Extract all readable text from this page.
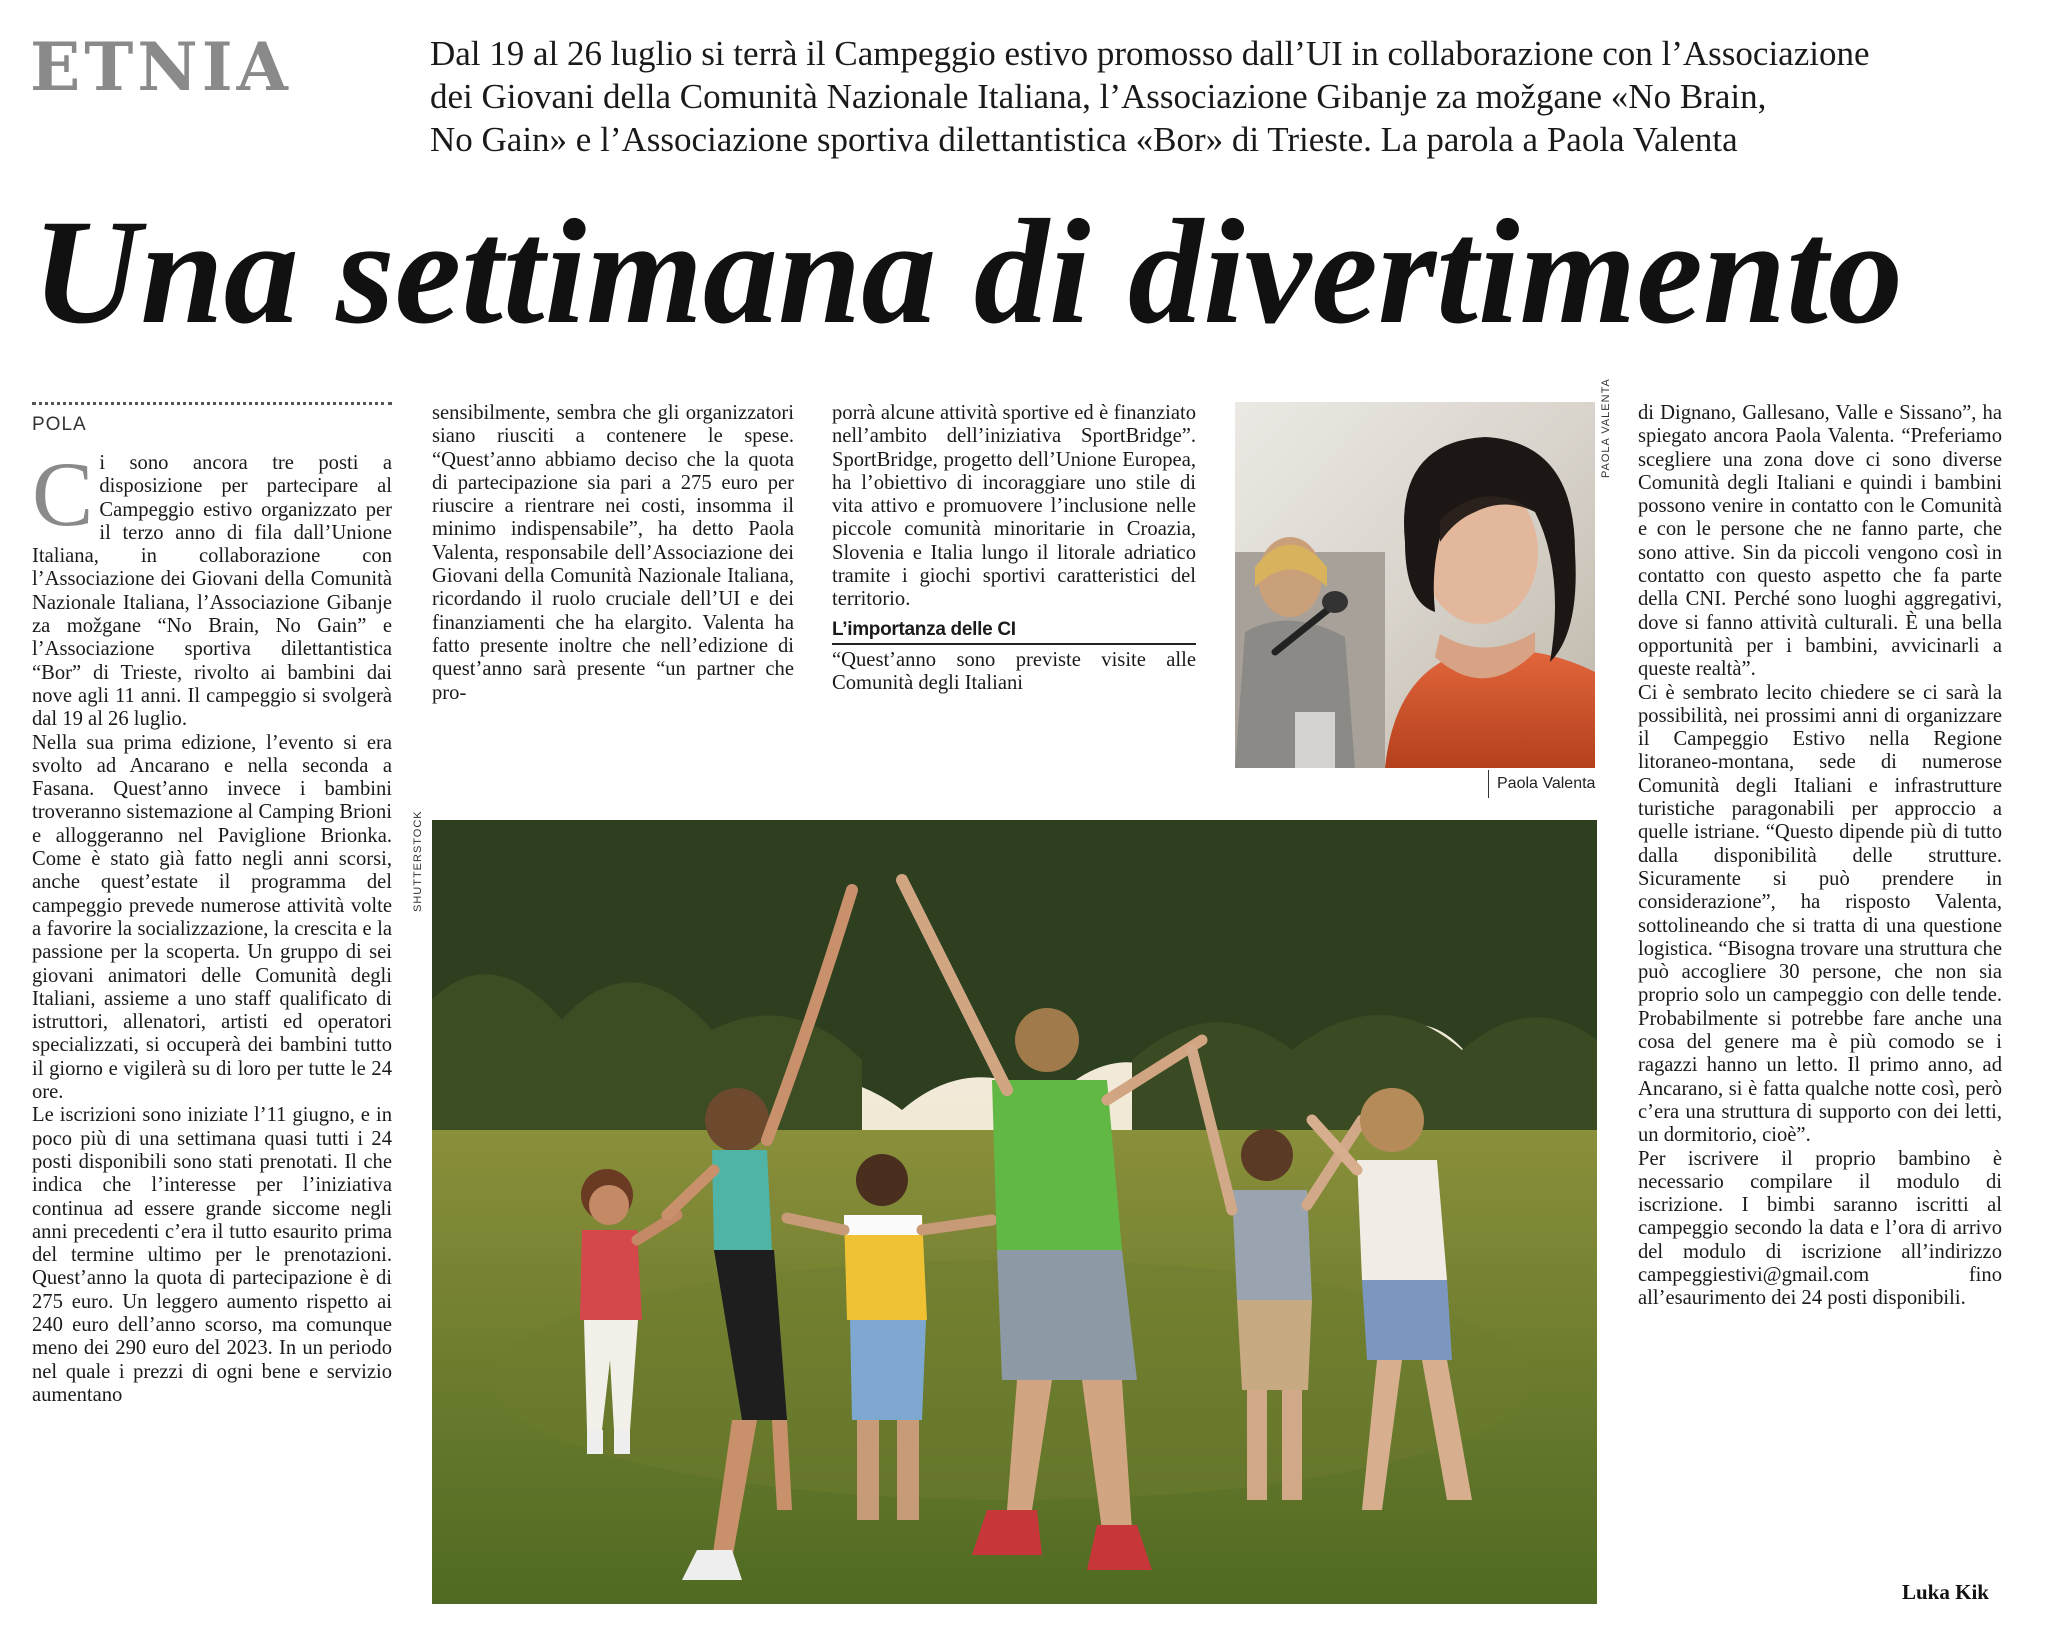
ETNIA	Dal 19 al 26 luglio si terrà il Campeggio estivo promosso dall’UI in collaborazione con l’Associazione
dei Giovani della Comunità Nazionale Italiana, l’Associazione Gibanje za možgane «No Brain,
No Gain» e l’Associazione sportiva dilettantistica «Bor» di Trieste. La parola a Paola Valenta
Una settimana di divertimento
POLA
C i sono ancora tre posti a disposizione per partecipare al Campeggio estivo organizzato per il terzo anno di fila dall’Unione Italiana, in collaborazione con l’Associazione dei Giovani della Comunità Nazionale Italiana, l’Associazione Gibanje za možgane “No Brain, No Gain” e l’Associazione sportiva dilettantistica “Bor” di Trieste, rivolto ai bambini dai nove agli 11 anni. Il campeggio si svolgerà dal 19 al 26 luglio.

Nella sua prima edizione, l’evento si era svolto ad Ancarano e nella seconda a Fasana. Quest’anno invece i bambini troveranno sistemazione al Camping Brioni e alloggeranno nel Paviglione Brionka. Come è stato già fatto negli anni scorsi, anche quest’estate il programma del campeggio prevede numerose attività volte a favorire la socializzazione, la crescita e la passione per la scoperta. Un gruppo di sei giovani animatori delle Comunità degli Italiani, assieme a uno staff qualificato di istruttori, allenatori, artisti ed operatori specializzati, si occuperà dei bambini tutto il giorno e vigilerà su di loro per tutte le 24 ore.

Le iscrizioni sono iniziate l’11 giugno, e in poco più di una settimana quasi tutti i 24 posti disponibili sono stati prenotati. Il che indica che l’interesse per l’iniziativa continua ad essere grande siccome negli anni precedenti c’era il tutto esaurito prima del termine ultimo per le prenotazioni. Quest’anno la quota di partecipazione è di 275 euro. Un leggero aumento rispetto ai 240 euro dell’anno scorso, ma comunque meno dei 290 euro del 2023. In un periodo nel quale i prezzi di ogni bene e servizio aumentano

sensibilmente, sembra che gli organizzatori siano riusciti a contenere le spese. “Quest’anno abbiamo deciso che la quota di partecipazione sia pari a 275 euro per riuscire a rientrare nei costi, insomma il minimo indispensabile”, ha detto Paola Valenta, responsabile dell’Associazione dei Giovani della Comunità Nazionale Italiana, ricordando il ruolo cruciale dell’UI e dei finanziamenti che ha elargito. Valenta ha fatto presente inoltre che nell’edizione di quest’anno sarà presente “un partner che pro-

porrà alcune attività sportive ed è finanziato nell’ambito dell’iniziativa SportBridge”. SportBridge, progetto dell’Unione Europea, ha l’obiettivo di incoraggiare uno stile di vita attivo e promuovere l’inclusione nelle piccole comunità minoritarie in Croazia, Slovenia e Italia lungo il litorale adriatico tramite i giochi sportivi caratteristici del territorio.

L’importanza delle CI

“Quest’anno sono previste visite alle Comunità degli Italiani

PAOLA VALENTA
Paola Valenta

di Dignano, Gallesano, Valle e Sissano”, ha spiegato ancora Paola Valenta. “Preferiamo scegliere una zona dove ci sono diverse Comunità degli Italiani e quindi i bambini possono venire in contatto con le Comunità e con le persone che ne fanno parte, che sono attive. Sin da piccoli vengono così in contatto con questo aspetto che fa parte della CNI. Perché sono luoghi aggregativi, dove si fanno attività culturali. È una bella opportunità per i bambini, avvicinarli a queste realtà”.

Ci è sembrato lecito chiedere se ci sarà la possibilità, nei prossimi anni di organizzare il Campeggio Estivo nella Regione litoraneo-montana, sede di numerose Comunità degli Italiani e infrastrutture turistiche paragonabili per approccio a quelle istriane. “Questo dipende più di tutto dalla disponibilità delle strutture. Sicuramente si può prendere in considerazione”, ha risposto Valenta, sottolineando che si tratta di una questione logistica. “Bisogna trovare una struttura che può accogliere 30 persone, che non sia proprio solo un campeggio con delle tende. Probabilmente si potrebbe fare anche una cosa del genere ma è più comodo se i ragazzi hanno un letto. Il primo anno, ad Ancarano, si è fatta qualche notte così, però c’era una struttura di supporto con dei letti, un dormitorio, cioè”.

Per iscrivere il proprio bambino è necessario compilare il modulo di iscrizione. I bimbi saranno iscritti al campeggio secondo la data e l’ora di arrivo del modulo di iscrizione all’indirizzo campeggiestivi@gmail.com fino all’esaurimento dei 24 posti disponibili.

Luka Kik
SHUTTERSTOCK
